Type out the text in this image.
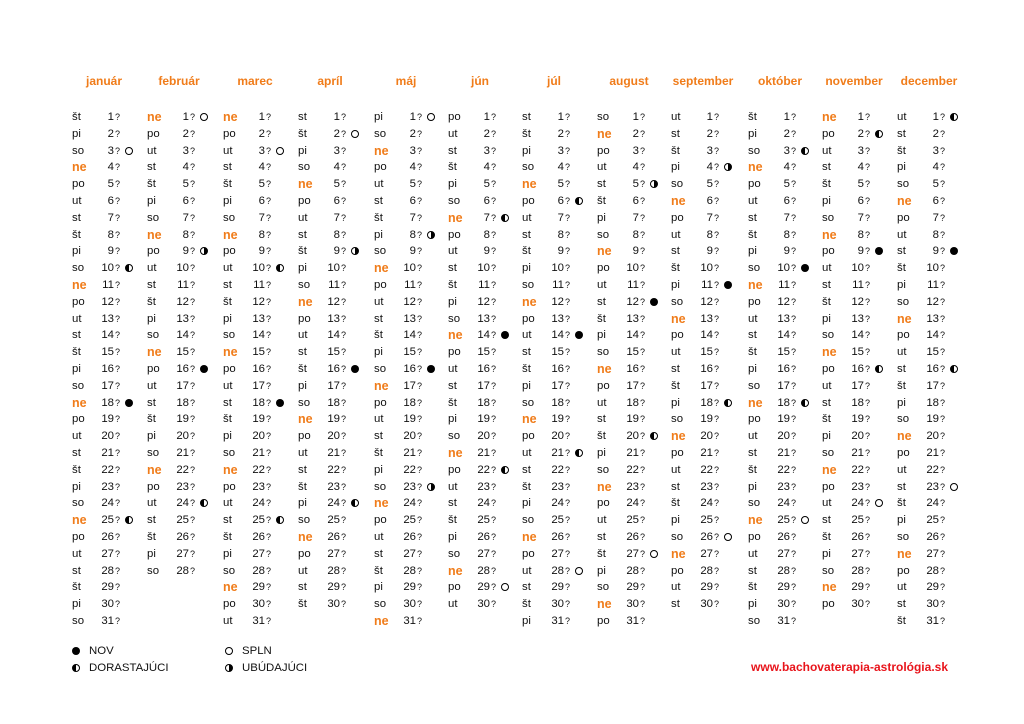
január
št	1 ?
pi	2 ?
so	3 ?
ne	4 ?
po	5 ?
ut	6 ?
st	7 ?
št	8 ?
pi	9 ?
so	10 ?
ne	11 ?
po	12 ?
ut	13 ?
st	14 ?
št	15 ?
pi	16 ?
so	17 ?
ne	18 ?
po	19 ?
ut	20 ?
st	21 ?
št	22 ?
pi	23 ?
so	24 ?
ne	25 ?
po	26 ?
ut	27 ?
st	28 ?
št	29 ?
pi	30 ?
so	31 ?
február
ne	1 ?
po	2 ?
ut	3 ?
st	4 ?
št	5 ?
pi	6 ?
so	7 ?
ne	8 ?
po	9 ?
ut	10 ?
st	11 ?
št	12 ?
pi	13 ?
so	14 ?
ne	15 ?
po	16 ?
ut	17 ?
st	18 ?
št	19 ?
pi	20 ?
so	21 ?
ne	22 ?
po	23 ?
ut	24 ?
st	25 ?
št	26 ?
pi	27 ?
so	28 ?
marec
ne	1 ?
po	2 ?
ut	3 ?
st	4 ?
št	5 ?
pi	6 ?
so	7 ?
ne	8 ?
po	9 ?
ut	10 ?
st	11 ?
št	12 ?
pi	13 ?
so	14 ?
ne	15 ?
po	16 ?
ut	17 ?
st	18 ?
št	19 ?
pi	20 ?
so	21 ?
ne	22 ?
po	23 ?
ut	24 ?
st	25 ?
št	26 ?
pi	27 ?
so	28 ?
ne	29 ?
po	30 ?
ut	31 ?
apríl
st	1 ?
št	2 ?
pi	3 ?
so	4 ?
ne	5 ?
po	6 ?
ut	7 ?
st	8 ?
št	9 ?
pi	10 ?
so	11 ?
ne	12 ?
po	13 ?
ut	14 ?
st	15 ?
št	16 ?
pi	17 ?
so	18 ?
ne	19 ?
po	20 ?
ut	21 ?
st	22 ?
št	23 ?
pi	24 ?
so	25 ?
ne	26 ?
po	27 ?
ut	28 ?
st	29 ?
št	30 ?
máj
pi	1 ?
so	2 ?
ne	3 ?
po	4 ?
ut	5 ?
st	6 ?
št	7 ?
pi	8 ?
so	9 ?
ne	10 ?
po	11 ?
ut	12 ?
st	13 ?
št	14 ?
pi	15 ?
so	16 ?
ne	17 ?
po	18 ?
ut	19 ?
st	20 ?
št	21 ?
pi	22 ?
so	23 ?
ne	24 ?
po	25 ?
ut	26 ?
st	27 ?
št	28 ?
pi	29 ?
so	30 ?
ne	31 ?
jún
po	1 ?
ut	2 ?
st	3 ?
št	4 ?
pi	5 ?
so	6 ?
ne	7 ?
po	8 ?
ut	9 ?
st	10 ?
št	11 ?
pi	12 ?
so	13 ?
ne	14 ?
po	15 ?
ut	16 ?
st	17 ?
št	18 ?
pi	19 ?
so	20 ?
ne	21 ?
po	22 ?
ut	23 ?
st	24 ?
št	25 ?
pi	26 ?
so	27 ?
ne	28 ?
po	29 ?
ut	30 ?
júl
st	1 ?
št	2 ?
pi	3 ?
so	4 ?
ne	5 ?
po	6 ?
ut	7 ?
st	8 ?
št	9 ?
pi	10 ?
so	11 ?
ne	12 ?
po	13 ?
ut	14 ?
st	15 ?
št	16 ?
pi	17 ?
so	18 ?
ne	19 ?
po	20 ?
ut	21 ?
st	22 ?
št	23 ?
pi	24 ?
so	25 ?
ne	26 ?
po	27 ?
ut	28 ?
st	29 ?
št	30 ?
pi	31 ?
august
so	1 ?
ne	2 ?
po	3 ?
ut	4 ?
st	5 ?
št	6 ?
pi	7 ?
so	8 ?
ne	9 ?
po	10 ?
ut	11 ?
st	12 ?
št	13 ?
pi	14 ?
so	15 ?
ne	16 ?
po	17 ?
ut	18 ?
st	19 ?
št	20 ?
pi	21 ?
so	22 ?
ne	23 ?
po	24 ?
ut	25 ?
st	26 ?
št	27 ?
pi	28 ?
so	29 ?
ne	30 ?
po	31 ?
september
ut	1 ?
st	2 ?
št	3 ?
pi	4 ?
so	5 ?
ne	6 ?
po	7 ?
ut	8 ?
st	9 ?
št	10 ?
pi	11 ?
so	12 ?
ne	13 ?
po	14 ?
ut	15 ?
st	16 ?
št	17 ?
pi	18 ?
so	19 ?
ne	20 ?
po	21 ?
ut	22 ?
st	23 ?
št	24 ?
pi	25 ?
so	26 ?
ne	27 ?
po	28 ?
ut	29 ?
st	30 ?
október
št	1 ?
pi	2 ?
so	3 ?
ne	4 ?
po	5 ?
ut	6 ?
st	7 ?
št	8 ?
pi	9 ?
so	10 ?
ne	11 ?
po	12 ?
ut	13 ?
st	14 ?
št	15 ?
pi	16 ?
so	17 ?
ne	18 ?
po	19 ?
ut	20 ?
st	21 ?
št	22 ?
pi	23 ?
so	24 ?
ne	25 ?
po	26 ?
ut	27 ?
st	28 ?
št	29 ?
pi	30 ?
so	31 ?
november
ne	1 ?
po	2 ?
ut	3 ?
st	4 ?
št	5 ?
pi	6 ?
so	7 ?
ne	8 ?
po	9 ?
ut	10 ?
st	11 ?
št	12 ?
pi	13 ?
so	14 ?
ne	15 ?
po	16 ?
ut	17 ?
st	18 ?
št	19 ?
pi	20 ?
so	21 ?
ne	22 ?
po	23 ?
ut	24 ?
st	25 ?
št	26 ?
pi	27 ?
so	28 ?
ne	29 ?
po	30 ?
december
ut	1 ?
st	2 ?
št	3 ?
pi	4 ?
so	5 ?
ne	6 ?
po	7 ?
ut	8 ?
st	9 ?
št	10 ?
pi	11 ?
so	12 ?
ne	13 ?
po	14 ?
ut	15 ?
st	16 ?
št	17 ?
pi	18 ?
so	19 ?
ne	20 ?
po	21 ?
ut	22 ?
st	23 ?
št	24 ?
pi	25 ?
so	26 ?
ne	27 ?
po	28 ?
ut	29 ?
st	30 ?
št	31 ?
NOV	SPLN
DORASTAJÚCI	UBÚDAJÚCI	www.bachovaterapia-astrológia.sk
